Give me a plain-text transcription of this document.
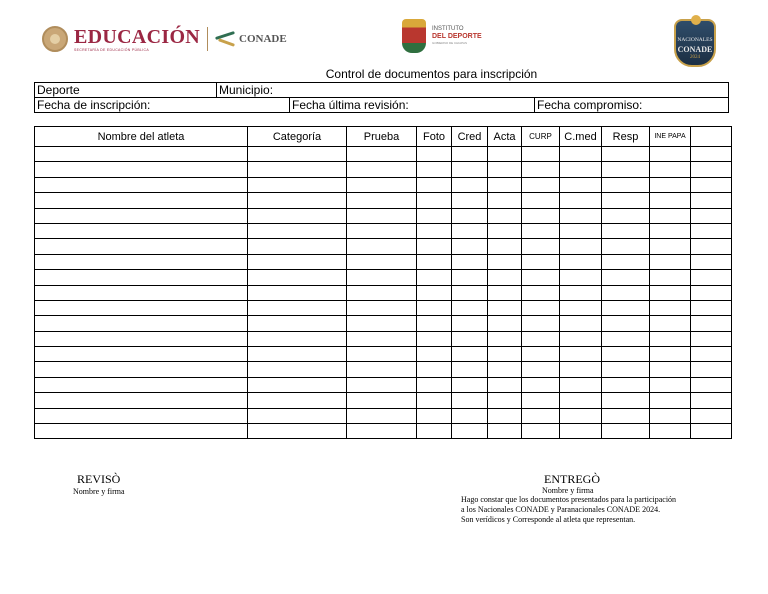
EDUCACIÓN
SECRETARÍA DE EDUCACIÓN PÚBLICA
CONADE
INSTITUTO
DEL DEPORTE
GOBIERNO DE CHIAPAS	NACIONALES
CONADE
2024
Control de documentos para inscripción
Deporte	Municipio:
Fecha de inscripción:	Fecha última revisión:	Fecha compromiso:
Nombre del atleta	Categoría	Prueba	Foto	Cred	Acta	CURP	C.med	Resp	INE PAPA	

REVISÒ
Nombre y firma
ENTREGÒ
Nombre y firma
Hago constar que los documentos presentados para la participación
a los Nacionales CONADE y Paranacionales CONADE 2024.
Son verídicos y Corresponde al atleta que representan.
